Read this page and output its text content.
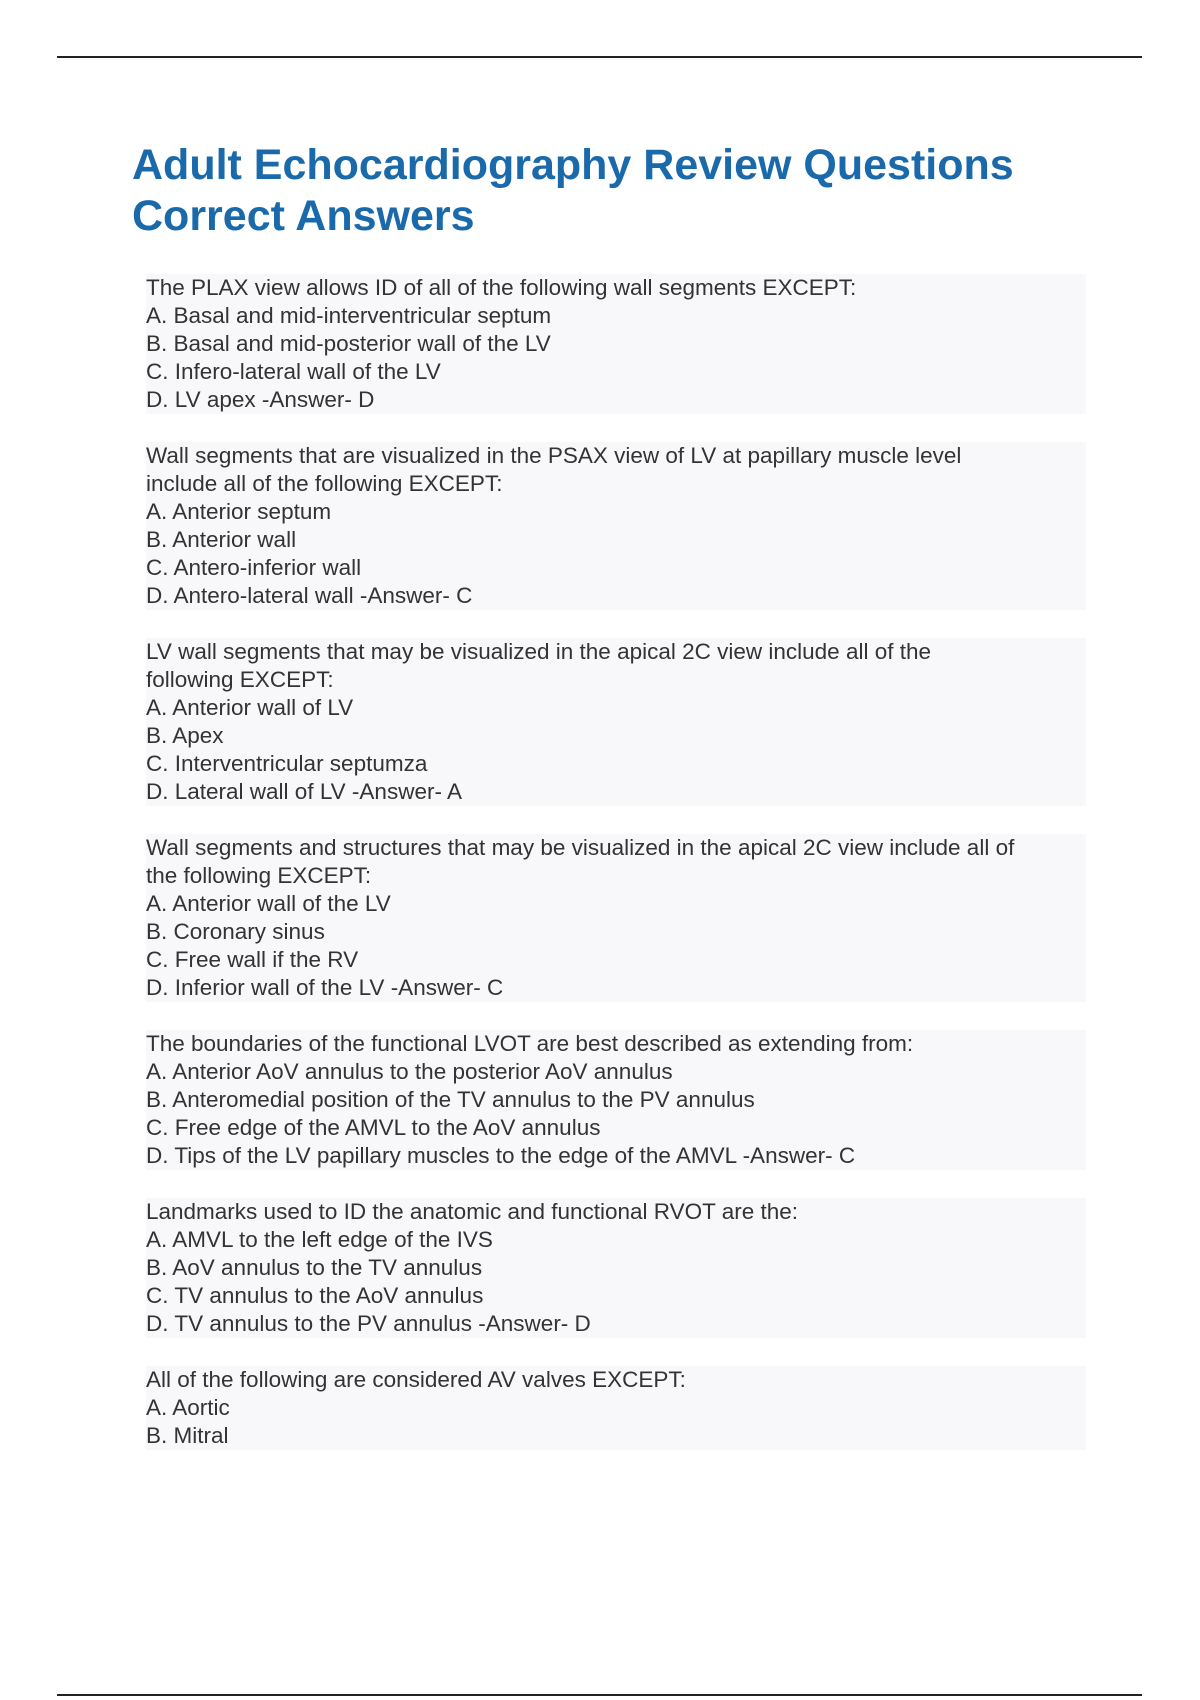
Adult Echocardiography Review Questions Correct Answers
The PLAX view allows ID of all of the following wall segments EXCEPT:
A. Basal and mid-interventricular septum
B. Basal and mid-posterior wall of the LV
C. Infero-lateral wall of the LV
D. LV apex -Answer- D
Wall segments that are visualized in the PSAX view of LV at papillary muscle level
include all of the following EXCEPT:
A. Anterior septum
B. Anterior wall
C. Antero-inferior wall
D. Antero-lateral wall -Answer- C
LV wall segments that may be visualized in the apical 2C view include all of the
following EXCEPT:
A. Anterior wall of LV
B. Apex
C. Interventricular septumza
D. Lateral wall of LV -Answer- A
Wall segments and structures that may be visualized in the apical 2C view include all of
the following EXCEPT:
A. Anterior wall of the LV
B. Coronary sinus
C. Free wall if the RV
D. Inferior wall of the LV -Answer- C
The boundaries of the functional LVOT are best described as extending from:
A. Anterior AoV annulus to the posterior AoV annulus
B. Anteromedial position of the TV annulus to the PV annulus
C. Free edge of the AMVL to the AoV annulus
D. Tips of the LV papillary muscles to the edge of the AMVL -Answer- C
Landmarks used to ID the anatomic and functional RVOT are the:
A. AMVL to the left edge of the IVS
B. AoV annulus to the TV annulus
C. TV annulus to the AoV annulus
D. TV annulus to the PV annulus -Answer- D
All of the following are considered AV valves EXCEPT:
A. Aortic
B. Mitral
